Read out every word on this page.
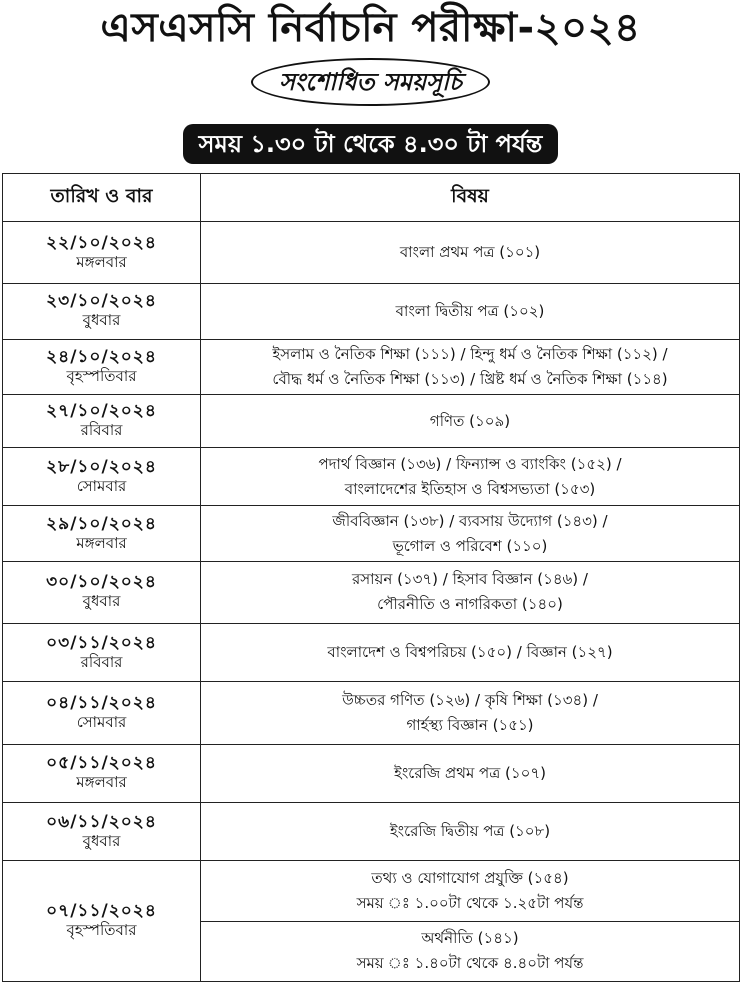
এসএসসি নির্বাচনি পরীক্ষা-২০২৪
সংশোধিত সময়সূচি
সময় ১.৩০ টা থেকে ৪.৩০ টা পর্যন্ত
তারিখ ও বার	বিষয়

২২/১০/২০২৪
মঙ্গলবার	বাংলা প্রথম পত্র (১০১)

২৩/১০/২০২৪
বুধবার	বাংলা দ্বিতীয় পত্র (১০২)

২৪/১০/২০২৪
বৃহস্পতিবার	ইসলাম ও নৈতিক শিক্ষা (১১১) / হিন্দু ধর্ম ও নৈতিক শিক্ষা (১১২) /
বৌদ্ধ ধর্ম ও নৈতিক শিক্ষা (১১৩) / খ্রিষ্ট ধর্ম ও নৈতিক শিক্ষা (১১৪)

২৭/১০/২০২৪
রবিবার	গণিত (১০৯)

২৮/১০/২০২৪
সোমবার	পদার্থ বিজ্ঞান (১৩৬) / ফিন্যান্স ও ব্যাংকিং (১৫২) /
বাংলাদেশের ইতিহাস ও বিশ্বসভ্যতা (১৫৩)

২৯/১০/২০২৪
মঙ্গলবার	জীববিজ্ঞান (১৩৮) / ব্যবসায় উদ্যোগ (১৪৩) /
ভূগোল ও পরিবেশ (১১০)

৩০/১০/২০২৪
বুধবার	রসায়ন (১৩৭) / হিসাব বিজ্ঞান (১৪৬) /
পৌরনীতি ও নাগরিকতা (১৪০)

০৩/১১/২০২৪
রবিবার	বাংলাদেশ ও বিশ্বপরিচয় (১৫০) / বিজ্ঞান (১২৭)

০৪/১১/২০২৪
সোমবার	উচ্চতর গণিত (১২৬) / কৃষি শিক্ষা (১৩৪) /
গার্হস্থ্য বিজ্ঞান (১৫১)

০৫/১১/২০২৪
মঙ্গলবার	ইংরেজি প্রথম পত্র (১০৭)

০৬/১১/২০২৪
বুধবার	ইংরেজি দ্বিতীয় পত্র (১০৮)

০৭/১১/২০২৪
বৃহস্পতিবার	তথ্য ও যোগাযোগ প্রযুক্তি (১৫৪)
সময় ঃ ১.০০টা থেকে ১.২৫টা পর্যন্ত

	অর্থনীতি (১৪১)
সময় ঃ ১.৪০টা থেকে ৪.৪০টা পর্যন্ত
